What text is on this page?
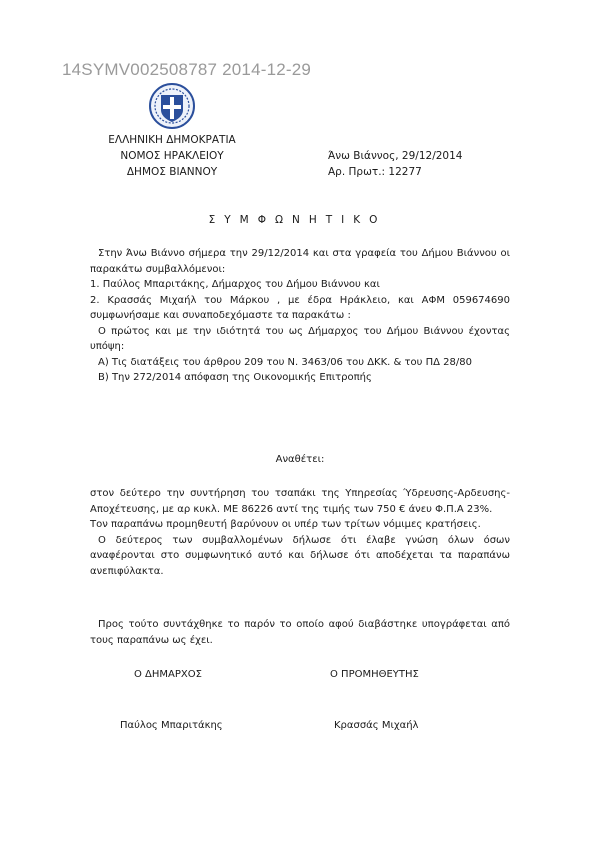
14SYMV002508787 2014-12-29
ΕΛΛΗΝΙΚΗ ΔΗΜΟΚΡΑΤΙΑ
ΝΟΜΟΣ ΗΡΑΚΛΕΙΟΥ
ΔΗΜΟΣ ΒΙΑΝΝΟΥ
Άνω Βιάννος, 29/12/2014
Αρ. Πρωτ.: 12277
ΣΥΜΦΩΝΗΤΙΚΟ

Στην Άνω Βιάννο σήμερα την 29/12/2014 και στα γραφεία του Δήμου Βιάννου οι παρακάτω συμβαλλόμενοι:

1. Παύλος Μπαριτάκης, Δήμαρχος του Δήμου Βιάννου και

2. Κρασσάς Μιχαήλ του Μάρκου , με έδρα Ηράκλειο, και ΑΦΜ 059674690 συμφωνήσαμε και συναποδεχόμαστε τα παρακάτω :

Ο πρώτος και με την ιδιότητά του ως Δήμαρχος του Δήμου Βιάννου έχοντας υπόψη:

Α) Τις διατάξεις του άρθρου 209 του Ν. 3463/06 του ΔΚΚ. & του ΠΔ 28/80

Β) Την 272/2014 απόφαση της Οικονομικής Επιτροπής

Αναθέτει:

στον δεύτερο την συντήρηση του τσαπάκι της Υπηρεσίας Ύδρευσης-Αρδευσης-Αποχέτευσης, με αρ κυκλ. ΜΕ 86226 αντί της τιμής των 750 € άνευ Φ.Π.Α 23%.

Τον παραπάνω προμηθευτή βαρύνουν οι υπέρ των τρίτων νόμιμες κρατήσεις.

Ο δεύτερος των συμβαλλομένων δήλωσε ότι έλαβε γνώση όλων όσων αναφέρονται στο συμφωνητικό αυτό και δήλωσε ότι αποδέχεται τα παραπάνω ανεπιφύλακτα.

Προς τούτο συντάχθηκε το παρόν το οποίο αφού διαβάστηκε υπογράφεται από τους παραπάνω ως έχει.
Ο ΔΗΜΑΡΧΟΣ	Ο ΠΡΟΜΗΘΕΥΤΗΣ
Παύλος Μπαριτάκης	Κρασσάς Μιχαήλ
